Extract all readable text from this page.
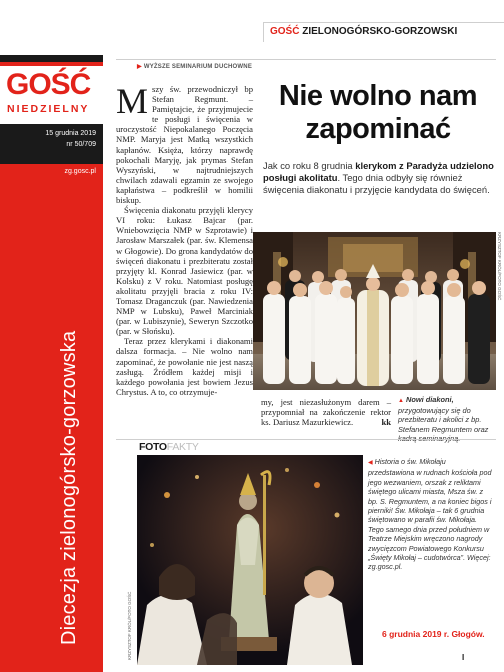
GOŚĆ
NIEDZIELNY
15 grudnia 2019
nr 50/709
zg.gosc.pl
Diecezja zielonogórsko-gorzowska
GOŚĆ ZIELONOGÓRSKO-GORZOWSKI
▶ WYŻSZE SEMINARIUM DUCHOWNE
M szy św. przewodniczył bp Stefan Regmunt. – Pamiętajcie, że przyjmujecie te posługi i święcenia w uroczystość Niepokalanego Poczęcia NMP. Maryja jest Matką wszystkich kapłanów. Księża, którzy naprawdę pokochali Maryję, jak prymas Stefan Wyszyński, w najtrudniejszych chwilach zdawali egzamin ze swojego kapłaństwa – podkreślił w homilii biskup.

Święcenia diakonatu przyjęli klerycy VI roku: Łukasz Bajcar (par. Wniebowzięcia NMP w Szprotawie) i Jarosław Marszałek (par. św. Klemensa w Głogowie). Do grona kandydatów do święceń diakonatu i prezbiteratu został przyjęty kl. Konrad Jasiewicz (par. w Kolsku) z V roku. Natomiast posługę akolitatu przyjęli bracia z roku IV: Tomasz Draganczuk (par. Nawiedzenia NMP w Lubsku), Paweł Marciniak (par. w Lubiszynie), Seweryn Szczotko (par. w Słońsku).

Teraz przez klerykami i diakonami dalsza formacja. – Nie wolno nam zapominać, że powołanie nie jest naszą zasługą. Źródłem każdej misji i każdego powołania jest bowiem Jezus Chrystus. A to, co otrzymuje-

Nie wolno nam zapominać
Jak co roku 8 grudnia klerykom z Paradyża udzielono posługi akolitatu. Tego dnia odbyły się również święcenia diakonatu i przyjęcie kandydata do święceń.
KRZYSZTOF KRÓL/FOTO GOŚĆ
▲ Nowi diakoni, przygotowujący się do prezbiteratu i akolici z bp. Stefanem Regmuntem oraz
my, jest niezasłużonym darem – przypomniał na zakończenie rektor ks. Dariusz Mazurkiewicz.	kk
FOTOFAKTY
KRZYSZTOF KRÓL/FOTO GOŚĆ
◀ Historia o św. Mikołaju przedstawiona w rudnach kościoła pod jego wezwaniem, orszak z reliktami świętego ulicami miasta, Msza św. z bp. S. Regmuntem, a na koniec bigos i pierniki! Św. Mikołaja – tak 6 grudnia świętowano w parafii św. Mikołaja. Tego samego dnia przed południem w Teatrze Miejskim wręczono nagrody zwycięzcom Powiatowego Konkursu „Święty Mikołaj – cudotwórca”. Więcej: zg.gosc.pl.
6 grudnia 2019 r. Głogów.
I
